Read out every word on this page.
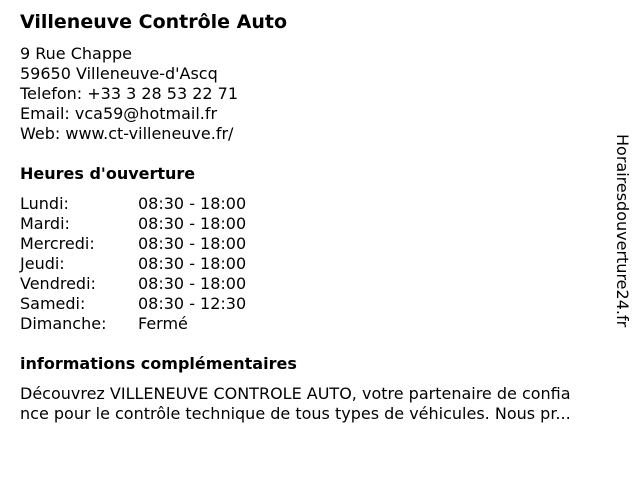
Villeneuve Contrôle Auto
9 Rue Chappe
59650 Villeneuve-d'Ascq
Telefon: +33 3 28 53 22 71
Email: vca59@hotmail.fr
Web: www.ct-villeneuve.fr/
Heures d'ouverture
Lundi:	08:30 - 18:00
Mardi:	08:30 - 18:00
Mercredi:	08:30 - 18:00
Jeudi:	08:30 - 18:00
Vendredi:	08:30 - 18:00
Samedi:	08:30 - 12:30
Dimanche: Fermé
informations complémentaires
Découvrez VILLENEUVE CONTROLE AUTO, votre partenaire de confia
nce pour le contrôle technique de tous types de véhicules. Nous pr...
Horairesdouverture24.fr
